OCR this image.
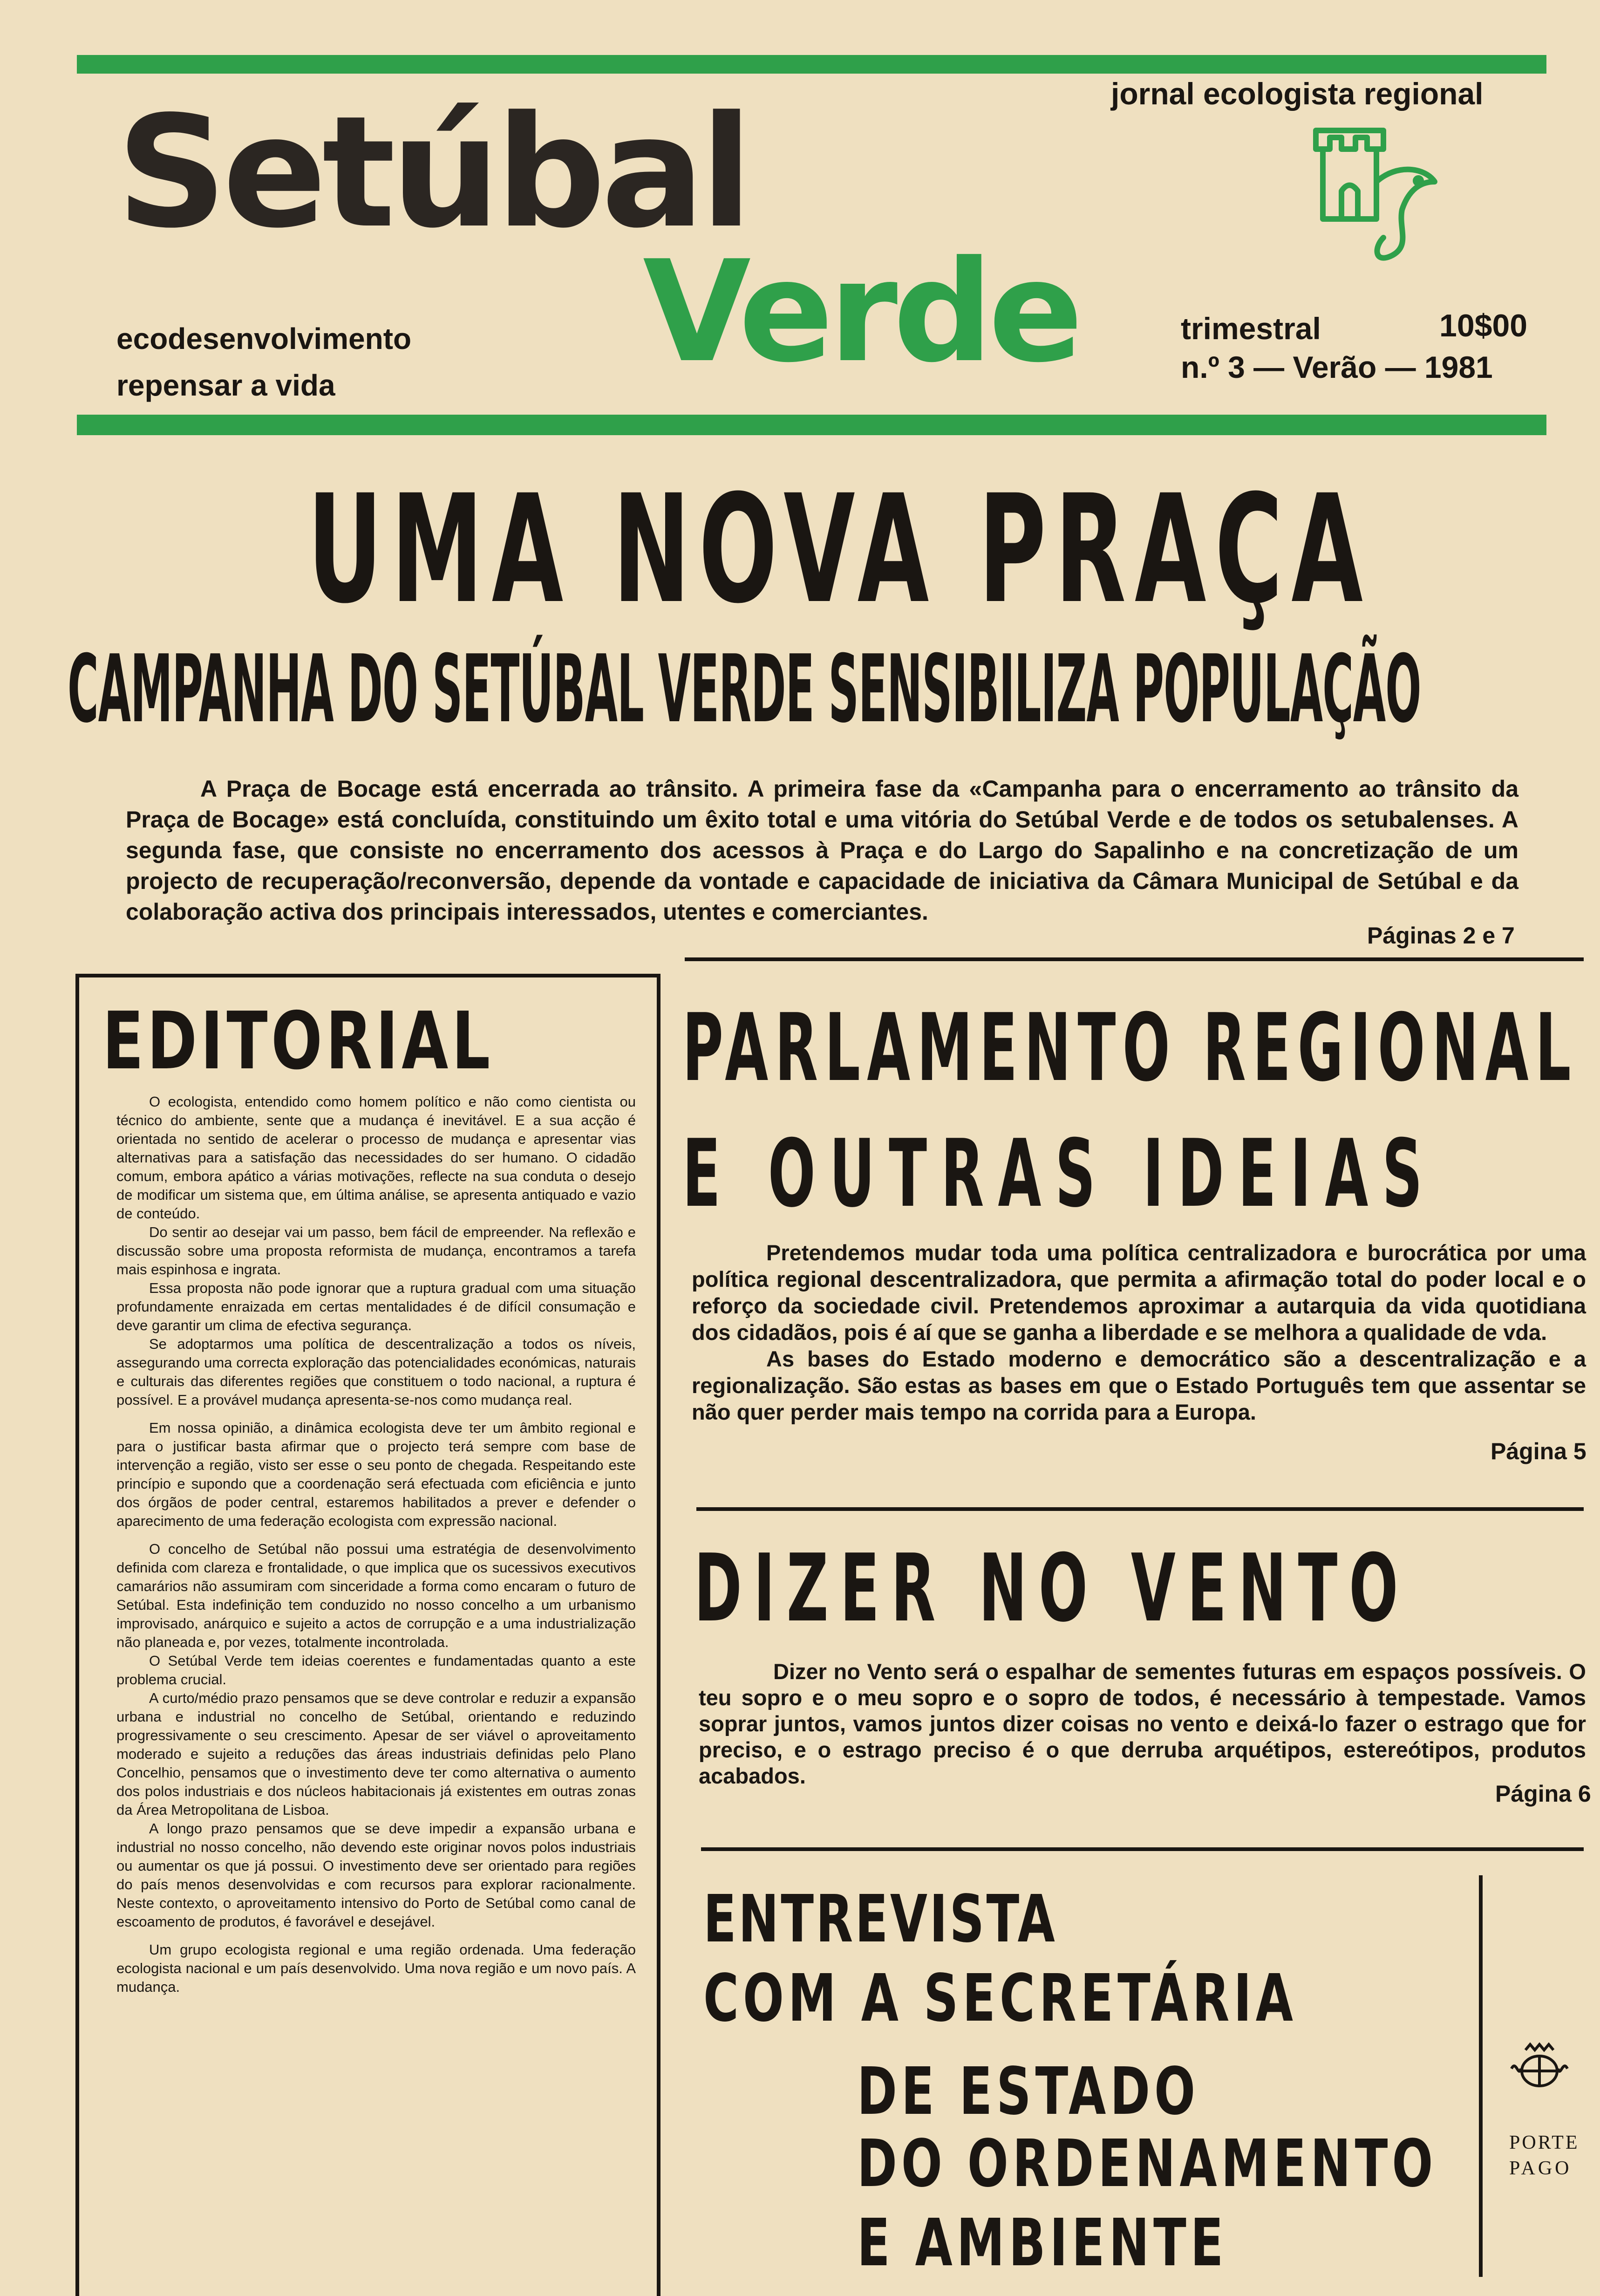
Setúbal
Verde
jornal ecologista regional
ecodesenvolvimento
repensar a vida
trimestral	10$00
n.º 3 — Verão — 1981
UMA NOVA PRAÇA
CAMPANHA DO SETÚBAL VERDE SENSIBILIZA POPULAÇÃO

A Praça de Bocage está encerrada ao trânsito. A primeira fase da «Campanha para o encerramento ao trânsito da Praça de Bocage» está concluída, constituindo um êxito total e uma vitória do Setúbal Verde e de todos os setubalenses. A segunda fase, que consiste no encerramento dos acessos à Praça e do Largo do Sapalinho e na concretização de um projecto de recuperação/reconversão, depende da vontade e capacidade de iniciativa da Câmara Municipal de Setúbal e da colaboração activa dos principais interessados, utentes e comerciantes.

Páginas 2 e 7
EDITORIAL

O ecologista, entendido como homem político e não como cientista ou técnico do ambiente, sente que a mudança é inevitável. E a sua acção é orientada no sentido de acelerar o processo de mudança e apresentar vias alternativas para a satisfação das necessidades do ser humano. O cidadão comum, embora apático a várias motivações, reflecte na sua conduta o desejo de modificar um sistema que, em última análise, se apresenta antiquado e vazio de conteúdo.

Do sentir ao desejar vai um passo, bem fácil de empreender. Na reflexão e discussão sobre uma proposta reformista de mudança, encontramos a tarefa mais espinhosa e ingrata.

Essa proposta não pode ignorar que a ruptura gradual com uma situação profundamente enraizada em certas mentalidades é de difícil consumação e deve garantir um clima de efectiva segurança.

Se adoptarmos uma política de descentralização a todos os níveis, assegurando uma correcta exploração das potencialidades económicas, naturais e culturais das diferentes regiões que constituem o todo nacional, a ruptura é possível. E a provável mudança apresenta-se-nos como mudança real.

Em nossa opinião, a dinâmica ecologista deve ter um âmbito regional e para o justificar basta afirmar que o projecto terá sempre com base de intervenção a região, visto ser esse o seu ponto de chegada. Respeitando este princípio e supondo que a coordenação será efectuada com eficiência e junto dos órgãos de poder central, estaremos habilitados a prever e defender o aparecimento de uma federação ecologista com expressão nacional.

O concelho de Setúbal não possui uma estratégia de desenvolvimento definida com clareza e frontalidade, o que implica que os sucessivos executivos camarários não assumiram com sinceridade a forma como encaram o futuro de Setúbal. Esta indefinição tem conduzido no nosso concelho a um urbanismo improvisado, anárquico e sujeito a actos de corrupção e a uma industrialização não planeada e, por vezes, totalmente incontrolada.

O Setúbal Verde tem ideias coerentes e fundamentadas quanto a este problema crucial.

A curto/médio prazo pensamos que se deve controlar e reduzir a expansão urbana e industrial no concelho de Setúbal, orientando e reduzindo progressivamente o seu crescimento. Apesar de ser viável o aproveitamento moderado e sujeito a reduções das áreas industriais definidas pelo Plano Concelhio, pensamos que o investimento deve ter como alternativa o aumento dos polos industriais e dos núcleos habitacionais já existentes em outras zonas da Área Metropolitana de Lisboa.

A longo prazo pensamos que se deve impedir a expansão urbana e industrial no nosso concelho, não devendo este originar novos polos industriais ou aumentar os que já possui. O investimento deve ser orientado para regiões do país menos desenvolvidas e com recursos para explorar racionalmente. Neste contexto, o aproveitamento intensivo do Porto de Setúbal como canal de escoamento de produtos, é favorável e desejável.

Um grupo ecologista regional e uma região ordenada. Uma federação ecologista nacional e um país desenvolvido. Uma nova região e um novo país. A mudança.

PARLAMENTO REGIONAL
E OUTRAS IDEIAS

Pretendemos mudar toda uma política centralizadora e burocrática por uma política regional descentralizadora, que permita a afirmação total do poder local e o reforço da sociedade civil. Pretendemos aproximar a autarquia da vida quotidiana dos cidadãos, pois é aí que se ganha a liberdade e se melhora a qualidade de vda.

As bases do Estado moderno e democrático são a descentralização e a regionalização. São estas as bases em que o Estado Português tem que assentar se não quer perder mais tempo na corrida para a Europa.

Página 5
DIZER NO VENTO

Dizer no Vento será o espalhar de sementes futuras em espaços possíveis. O teu sopro e o meu sopro e o sopro de todos, é necessário à tempestade. Vamos soprar juntos, vamos juntos dizer coisas no vento e deixá-lo fazer o estrago que for preciso, e o estrago preciso é o que derruba arquétipos, estereótipos, produtos acabados.

Página 6
ENTREVISTA
COM A SECRETÁRIA
DE ESTADO
DO ORDENAMENTO
E AMBIENTE
PORTE
PAGO
